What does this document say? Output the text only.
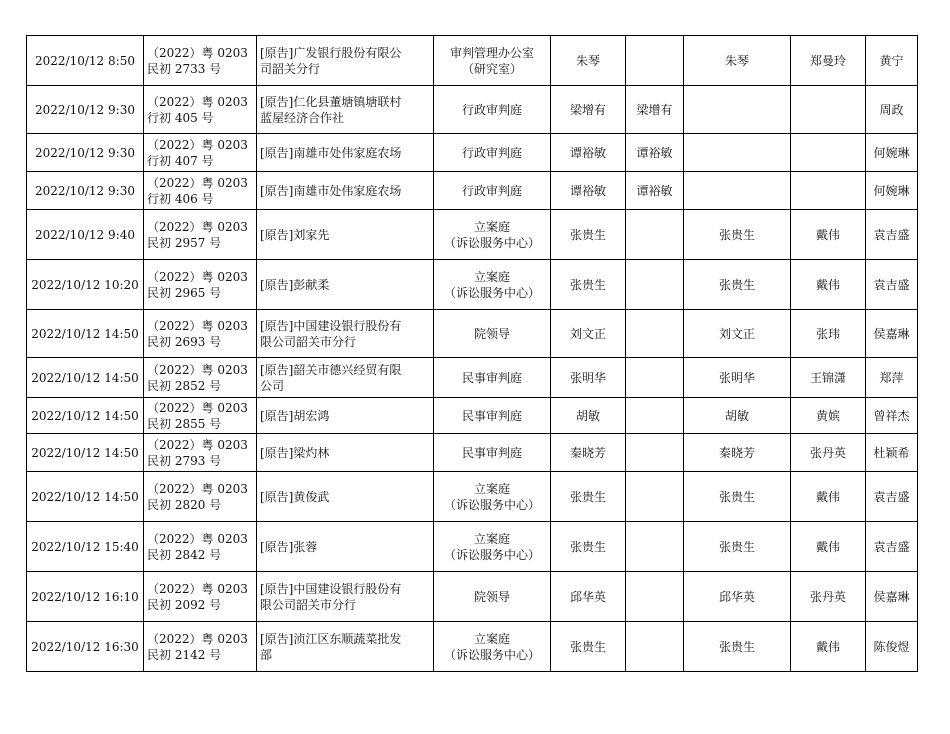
2022/10/12 8:50	（2022）粤 0203
民初 2733 号	[原告]广发银行股份有限公
司韶关分行	审判管理办公室
（研究室）	朱琴		朱琴	郑曼玲	黄宁
2022/10/12 9:30	（2022）粤 0203
行初 405 号	[原告]仁化县董塘镇塘联村
蓝屋经济合作社	行政审判庭	梁增有	梁增有			周政
2022/10/12 9:30	（2022）粤 0203
行初 407 号	[原告]南雄市处伟家庭农场	行政审判庭	谭裕敏	谭裕敏			何婉琳
2022/10/12 9:30	（2022）粤 0203
行初 406 号	[原告]南雄市处伟家庭农场	行政审判庭	谭裕敏	谭裕敏			何婉琳
2022/10/12 9:40	（2022）粤 0203
民初 2957 号	[原告]刘家先	立案庭
（诉讼服务中心）	张贵生		张贵生	戴伟	袁吉盛
2022/10/12 10:20	（2022）粤 0203
民初 2965 号	[原告]彭献柔	立案庭
（诉讼服务中心）	张贵生		张贵生	戴伟	袁吉盛
2022/10/12 14:50	（2022）粤 0203
民初 2693 号	[原告]中国建设银行股份有
限公司韶关市分行	院领导	刘文正		刘文正	张玮	侯嘉琳
2022/10/12 14:50	（2022）粤 0203
民初 2852 号	[原告]韶关市德兴经贸有限
公司	民事审判庭	张明华		张明华	王锦潇	郑萍
2022/10/12 14:50	（2022）粤 0203
民初 2855 号	[原告]胡宏鸿	民事审判庭	胡敏		胡敏	黄嫔	曾祥杰
2022/10/12 14:50	（2022）粤 0203
民初 2793 号	[原告]梁灼林	民事审判庭	秦晓芳		秦晓芳	张丹英	杜颖希
2022/10/12 14:50	（2022）粤 0203
民初 2820 号	[原告]黄俊武	立案庭
（诉讼服务中心）	张贵生		张贵生	戴伟	袁吉盛
2022/10/12 15:40	（2022）粤 0203
民初 2842 号	[原告]张蓉	立案庭
（诉讼服务中心）	张贵生		张贵生	戴伟	袁吉盛
2022/10/12 16:10	（2022）粤 0203
民初 2092 号	[原告]中国建设银行股份有
限公司韶关市分行	院领导	邱华英		邱华英	张丹英	侯嘉琳
2022/10/12 16:30	（2022）粤 0203
民初 2142 号	[原告]浈江区东顺蔬菜批发
部	立案庭
（诉讼服务中心）	张贵生		张贵生	戴伟	陈俊煜
